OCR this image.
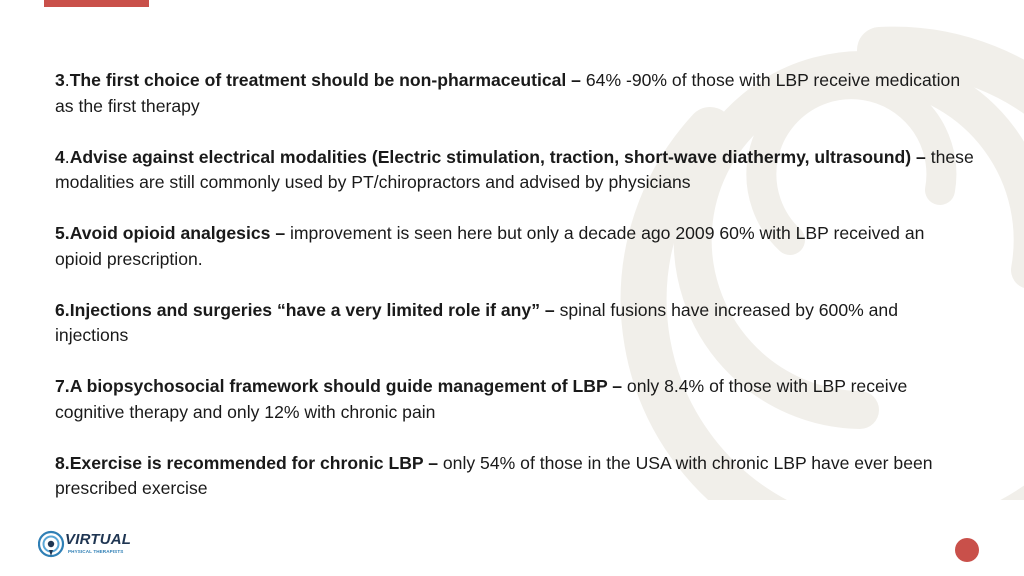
3.The first choice of treatment should be non-pharmaceutical – 64% -90% of those with LBP receive medication as the first therapy

4.Advise against electrical modalities (Electric stimulation, traction, short-wave diathermy, ultrasound) – these modalities are still commonly used by PT/chiropractors and advised by physicians

5.Avoid opioid analgesics – improvement is seen here but only a decade ago 2009 60% with LBP received an opioid prescription.

6.Injections and surgeries “have a very limited role if any” – spinal fusions have increased by 600% and injections

7.A biopsychosocial framework should guide management of LBP – only 8.4% of those with LBP receive cognitive therapy and only 12% with chronic pain

8.Exercise is recommended for chronic LBP – only 54% of those in the USA with chronic LBP have ever been prescribed exercise

VIRTUAL
PHYSICAL THERAPISTS
